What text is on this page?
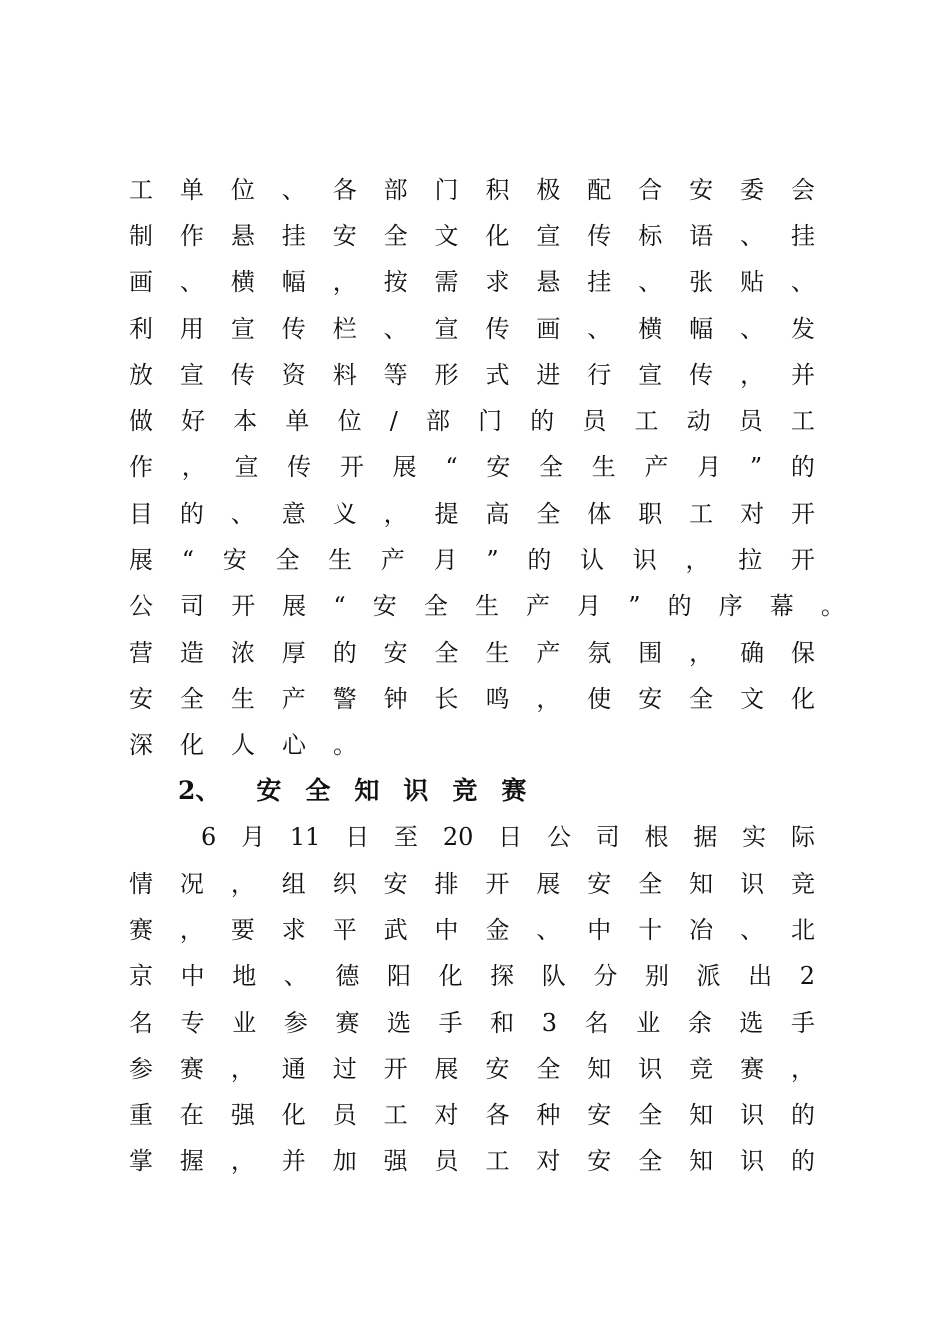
工 单 位 、 各 部 门 积 极 配 合 安 委 会
制 作 悬 挂 安 全 文 化 宣 传 标 语 、 挂
画 、 横 幅 ， 按 需 求 悬 挂 、 张 贴 、
利 用 宣 传 栏 、 宣 传 画 、 横 幅 、 发
放 宣 传 资 料 等 形 式 进 行 宣 传 ， 并
做 好 本 单 位 / 部 门 的 员 工 动 员 工
作 ， 宣 传 开 展 “ 安 全 生 产 月 ” 的
目 的 、 意 义 ， 提 高 全 体 职 工 对 开
展 “ 安 全 生 产 月 ” 的 认 识 ， 拉 开
公 司 开 展 “ 安 全 生 产 月 ” 的 序 幕 。
营 造 浓 厚 的 安 全 生 产 氛 围 ， 确 保
安 全 生 产 警 钟 长 鸣 ， 使 安 全 文 化
深 化 人 心 。
2、 安全知识竞赛
6 月 11 日 至 20 日 公 司 根 据 实 际
情 况 ， 组 织 安 排 开 展 安 全 知 识 竞
赛 ， 要 求 平 武 中 金 、 中 十 冶 、 北
京 中 地 、 德 阳 化 探 队 分 别 派 出 2
名 专 业 参 赛 选 手 和 3 名 业 余 选 手
参 赛 ， 通 过 开 展 安 全 知 识 竞 赛 ，
重 在 强 化 员 工 对 各 种 安 全 知 识 的
掌 握 ， 并 加 强 员 工 对 安 全 知 识 的
